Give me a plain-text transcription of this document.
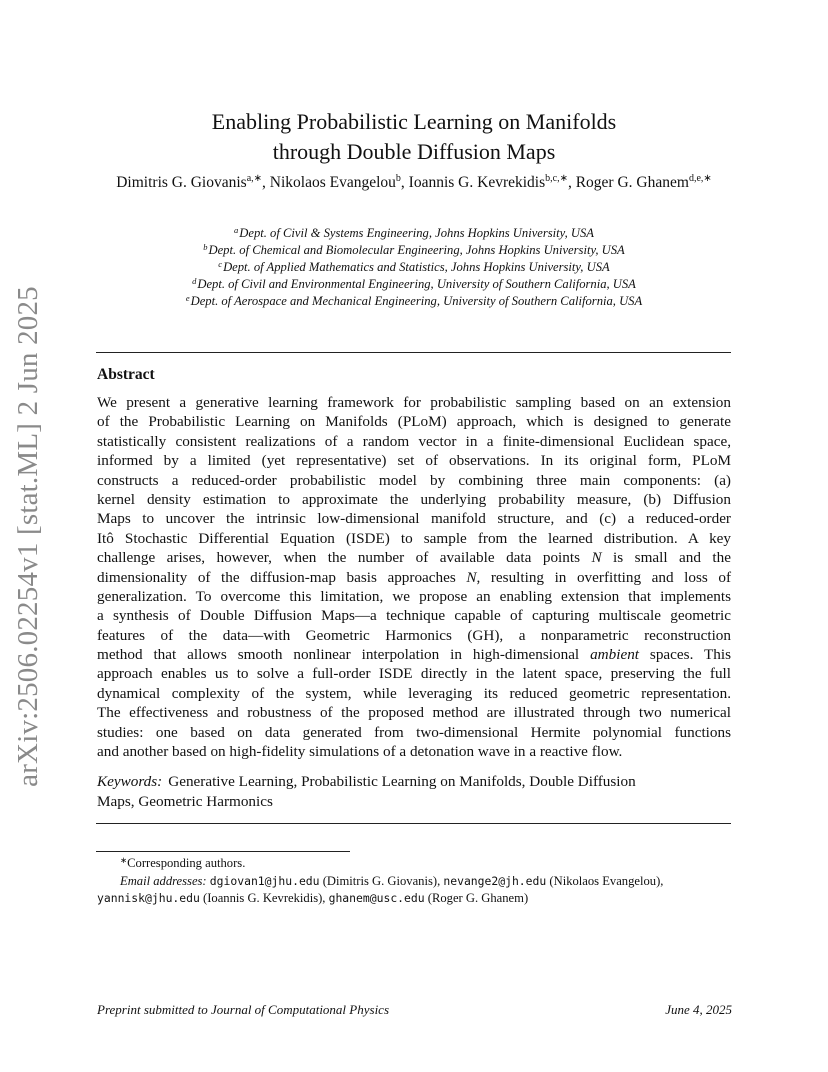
arXiv:2506.02254v1 [stat.ML] 2 Jun 2025
Enabling Probabilistic Learning on Manifolds
through Double Diffusion Maps
Dimitris G. Giovanis$^{a,∗}$, Nikolaos Evangelou$^b$, Ioannis G. Kevrekidis$^{b,c,∗}$, Roger G. Ghanem$^{d,e,∗}$
$^a$Dept. of Civil & Systems Engineering, Johns Hopkins University, USA
$^b$Dept. of Chemical and Biomolecular Engineering, Johns Hopkins University, USA
$^c$Dept. of Applied Mathematics and Statistics, Johns Hopkins University, USA
$^d$Dept. of Civil and Environmental Engineering, University of Southern California, USA
$^e$Dept. of Aerospace and Mechanical Engineering, University of Southern California, USA
Abstract
We present a generative learning framework for probabilistic sampling based on an extension
of the Probabilistic Learning on Manifolds (PLoM) approach, which is designed to generate
statistically consistent realizations of a random vector in a finite-dimensional Euclidean space,
informed by a limited (yet representative) set of observations. In its original form, PLoM
constructs a reduced-order probabilistic model by combining three main components: (a)
kernel density estimation to approximate the underlying probability measure, (b) Diffusion
Maps to uncover the intrinsic low-dimensional manifold structure, and (c) a reduced-order
Itô Stochastic Differential Equation (ISDE) to sample from the learned distribution. A key
challenge arises, however, when the number of available data points N is small and the
dimensionality of the diffusion-map basis approaches N, resulting in overfitting and loss of
generalization. To overcome this limitation, we propose an enabling extension that implements
a synthesis of Double Diffusion Maps—a technique capable of capturing multiscale geometric
features of the data—with Geometric Harmonics (GH), a nonparametric reconstruction
method that allows smooth nonlinear interpolation in high-dimensional ambient spaces. This
approach enables us to solve a full-order ISDE directly in the latent space, preserving the full
dynamical complexity of the system, while leveraging its reduced geometric representation.
The effectiveness and robustness of the proposed method are illustrated through two numerical
studies: one based on data generated from two-dimensional Hermite polynomial functions
and another based on high-fidelity simulations of a detonation wave in a reactive flow.
Keywords: Generative Learning, Probabilistic Learning on Manifolds, Double Diffusion
Maps, Geometric Harmonics
∗Corresponding authors.
Email addresses: dgiovan1@jhu.edu (Dimitris G. Giovanis), nevange2@jh.edu (Nikolaos Evangelou),
yannisk@jhu.edu (Ioannis G. Kevrekidis), ghanem@usc.edu (Roger G. Ghanem)
Preprint submitted to Journal of Computational Physics	June 4, 2025
